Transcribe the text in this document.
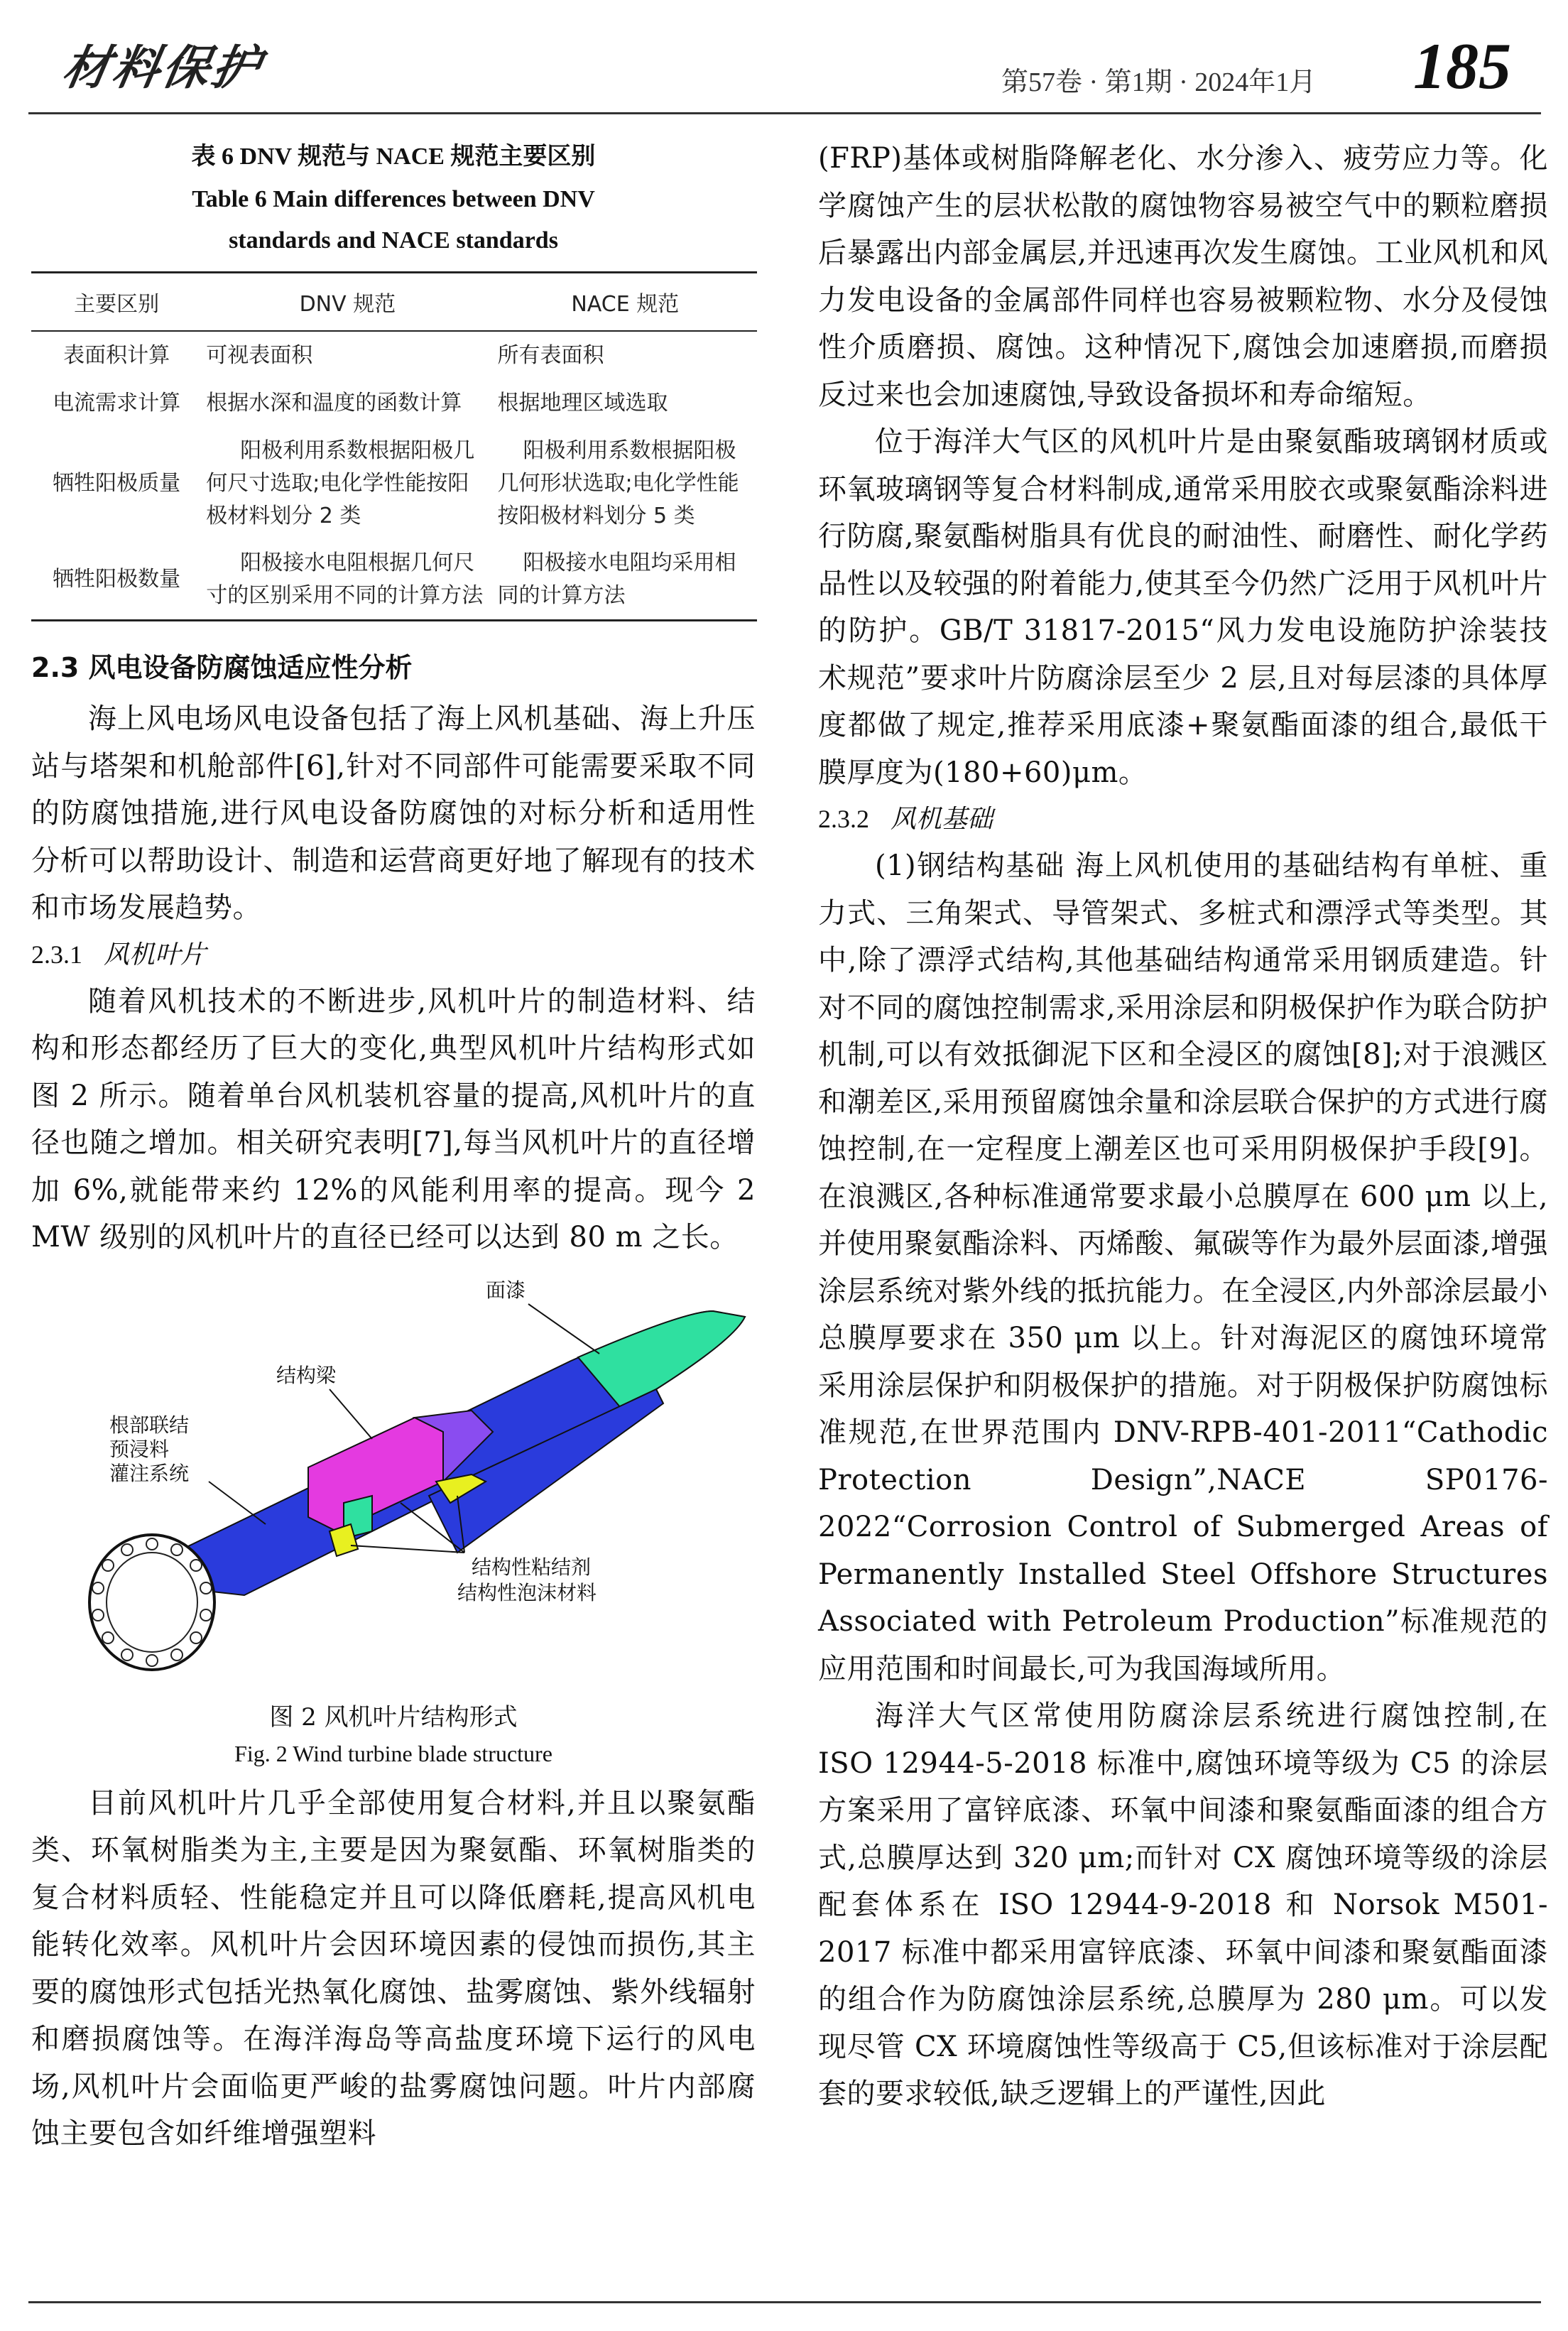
材料保护	第57卷 · 第1期 · 2024年1月 185
表 6 DNV 规范与 NACE 规范主要区别
Table 6 Main differences between DNV
standards and NACE standards
主要区别	DNV 规范	NACE 规范
表面积计算	可视表面积	所有表面积
电流需求计算	根据水深和温度的函数计算	根据地理区域选取
牺牲阳极质量	阳极利用系数根据阳极几何尺寸选取;电化学性能按阳极材料划分 2 类	阳极利用系数根据阳极几何形状选取;电化学性能按阳极材料划分 5 类
牺牲阳极数量	阳极接水电阻根据几何尺寸的区别采用不同的计算方法	阳极接水电阻均采用相同的计算方法
2.3 风电设备防腐蚀适应性分析

海上风电场风电设备包括了海上风机基础、海上升压站与塔架和机舱部件[6],针对不同部件可能需要采取不同的防腐蚀措施,进行风电设备防腐蚀的对标分析和适用性分析可以帮助设计、制造和运营商更好地了解现有的技术和市场发展趋势。

2.3.1 风机叶片

随着风机技术的不断进步,风机叶片的制造材料、结构和形态都经历了巨大的变化,典型风机叶片结构形式如图 2 所示。随着单台风机装机容量的提高,风机叶片的直径也随之增加。相关研究表明[7],每当风机叶片的直径增加 6%,就能带来约 12%的风能利用率的提高。现今 2 MW 级别的风机叶片的直径已经可以达到 80 m 之长。

面漆
结构梁
根部联结
预浸料
灌注系统
结构性粘结剂
结构性泡沫材料
图 2 风机叶片结构形式
Fig. 2 Wind turbine blade structure

目前风机叶片几乎全部使用复合材料,并且以聚氨酯类、环氧树脂类为主,主要是因为聚氨酯、环氧树脂类的复合材料质轻、性能稳定并且可以降低磨耗,提高风机电能转化效率。风机叶片会因环境因素的侵蚀而损伤,其主要的腐蚀形式包括光热氧化腐蚀、盐雾腐蚀、紫外线辐射和磨损腐蚀等。在海洋海岛等高盐度环境下运行的风电场,风机叶片会面临更严峻的盐雾腐蚀问题。叶片内部腐蚀主要包含如纤维增强塑料

(FRP)基体或树脂降解老化、水分渗入、疲劳应力等。化学腐蚀产生的层状松散的腐蚀物容易被空气中的颗粒磨损后暴露出内部金属层,并迅速再次发生腐蚀。工业风机和风力发电设备的金属部件同样也容易被颗粒物、水分及侵蚀性介质磨损、腐蚀。这种情况下,腐蚀会加速磨损,而磨损反过来也会加速腐蚀,导致设备损坏和寿命缩短。

位于海洋大气区的风机叶片是由聚氨酯玻璃钢材质或环氧玻璃钢等复合材料制成,通常采用胶衣或聚氨酯涂料进行防腐,聚氨酯树脂具有优良的耐油性、耐磨性、耐化学药品性以及较强的附着能力,使其至今仍然广泛用于风机叶片的防护。GB/T 31817-2015“风力发电设施防护涂装技术规范”要求叶片防腐涂层至少 2 层,且对每层漆的具体厚度都做了规定,推荐采用底漆+聚氨酯面漆的组合,最低干膜厚度为(180+60)μm。

2.3.2 风机基础

(1)钢结构基础 海上风机使用的基础结构有单桩、重力式、三角架式、导管架式、多桩式和漂浮式等类型。其中,除了漂浮式结构,其他基础结构通常采用钢质建造。针对不同的腐蚀控制需求,采用涂层和阴极保护作为联合防护机制,可以有效抵御泥下区和全浸区的腐蚀[8];对于浪溅区和潮差区,采用预留腐蚀余量和涂层联合保护的方式进行腐蚀控制,在一定程度上潮差区也可采用阴极保护手段[9]。在浪溅区,各种标准通常要求最小总膜厚在 600 μm 以上,并使用聚氨酯涂料、丙烯酸、氟碳等作为最外层面漆,增强涂层系统对紫外线的抵抗能力。在全浸区,内外部涂层最小总膜厚要求在 350 μm 以上。针对海泥区的腐蚀环境常采用涂层保护和阴极保护的措施。对于阴极保护防腐蚀标准规范,在世界范围内 DNV-RPB-401-2011“Cathodic Protection Design”,NACE SP0176-2022“Corrosion Control of Submerged Areas of Permanently Installed Steel Offshore Structures Associated with Petroleum Production”标准规范的应用范围和时间最长,可为我国海域所用。

海洋大气区常使用防腐涂层系统进行腐蚀控制,在 ISO 12944-5-2018 标准中,腐蚀环境等级为 C5 的涂层方案采用了富锌底漆、环氧中间漆和聚氨酯面漆的组合方式,总膜厚达到 320 μm;而针对 CX 腐蚀环境等级的涂层配套体系在 ISO 12944-9-2018 和 Norsok M501-2017 标准中都采用富锌底漆、环氧中间漆和聚氨酯面漆的组合作为防腐蚀涂层系统,总膜厚为 280 μm。可以发现尽管 CX 环境腐蚀性等级高于 C5,但该标准对于涂层配套的要求较低,缺乏逻辑上的严谨性,因此
